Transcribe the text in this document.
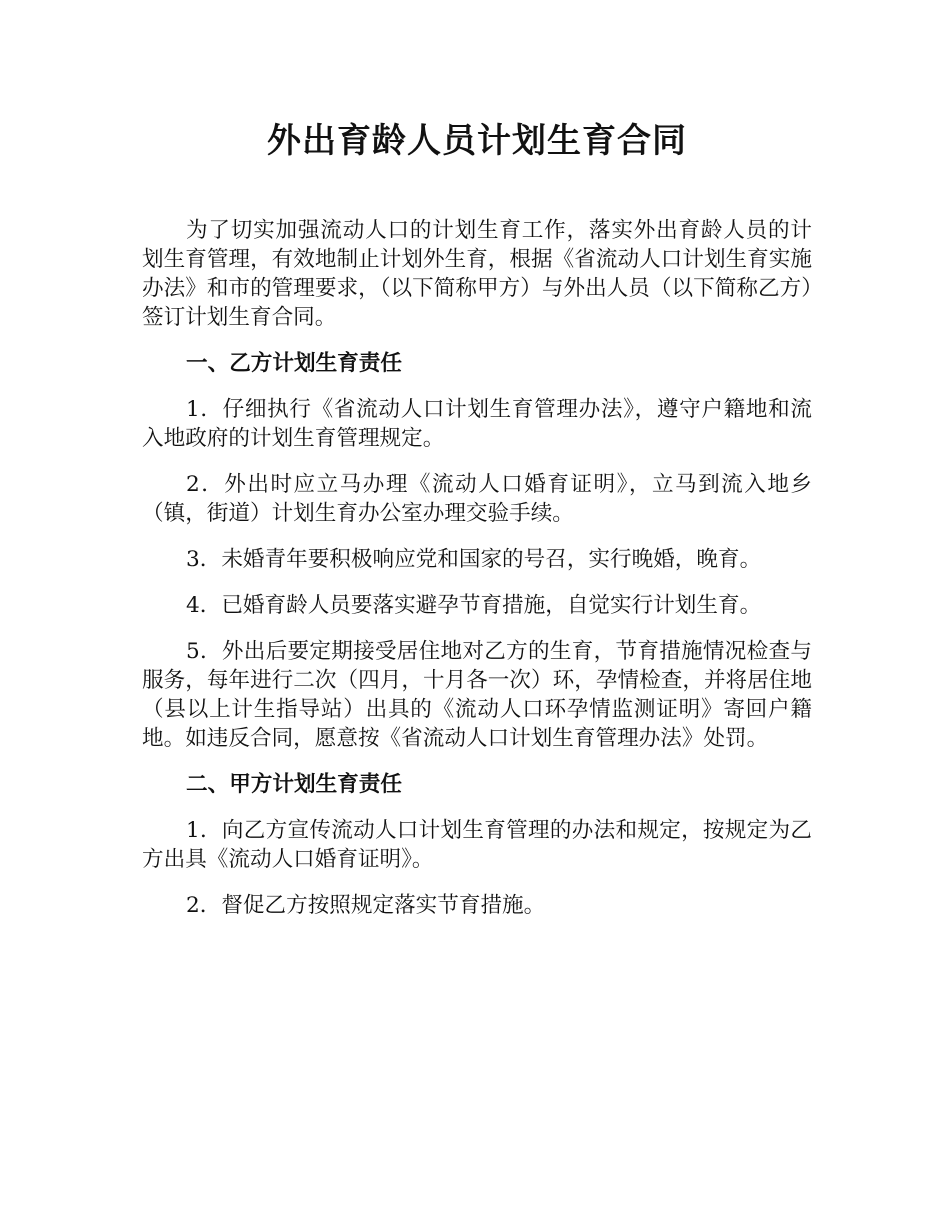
外出育龄人员计划生育合同

为了切实加强流动人口的计划生育工作，落实外出育龄人员的计划生育管理，有效地制止计划外生育，根据《省流动人口计划生育实施办法》和市的管理要求，（以下简称甲方）与外出人员（以下简称乙方）签订计划生育合同。

一、乙方计划生育责任

1．仔细执行《省流动人口计划生育管理办法》，遵守户籍地和流入地政府的计划生育管理规定。

2．外出时应立马办理《流动人口婚育证明》，立马到流入地乡（镇，街道）计划生育办公室办理交验手续。

3．未婚青年要积极响应党和国家的号召，实行晚婚，晚育。

4．已婚育龄人员要落实避孕节育措施，自觉实行计划生育。

5．外出后要定期接受居住地对乙方的生育，节育措施情况检查与服务，每年进行二次（四月，十月各一次）环，孕情检查，并将居住地（县以上计生指导站）出具的《流动人口环孕情监测证明》寄回户籍地。如违反合同，愿意按《省流动人口计划生育管理办法》处罚。

二、甲方计划生育责任

1．向乙方宣传流动人口计划生育管理的办法和规定，按规定为乙方出具《流动人口婚育证明》。

2．督促乙方按照规定落实节育措施。
